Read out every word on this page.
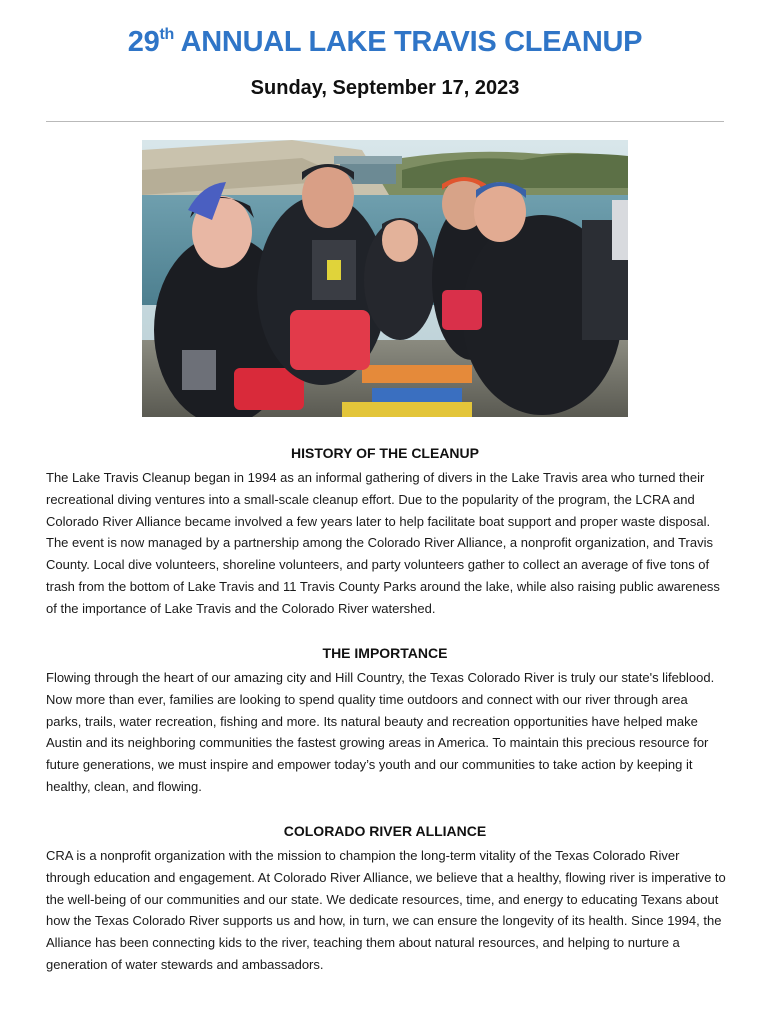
29th ANNUAL LAKE TRAVIS CLEANUP

Sunday, September 17, 2023

HISTORY OF THE CLEANUP

The Lake Travis Cleanup began in 1994 as an informal gathering of divers in the Lake Travis area who turned their recreational diving ventures into a small-scale cleanup effort. Due to the popularity of the program, the LCRA and Colorado River Alliance became involved a few years later to help facilitate boat support and proper waste disposal. The event is now managed by a partnership among the Colorado River Alliance, a nonprofit organization, and Travis County. Local dive volunteers, shoreline volunteers, and party volunteers gather to collect an average of five tons of trash from the bottom of Lake Travis and 11 Travis County Parks around the lake, while also raising public awareness of the importance of Lake Travis and the Colorado River watershed.

THE IMPORTANCE

Flowing through the heart of our amazing city and Hill Country, the Texas Colorado River is truly our state's lifeblood. Now more than ever, families are looking to spend quality time outdoors and connect with our river through area parks, trails, water recreation, fishing and more. Its natural beauty and recreation opportunities have helped make Austin and its neighboring communities the fastest growing areas in America. To maintain this precious resource for future generations, we must inspire and empower today’s youth and our communities to take action by keeping it healthy, clean, and flowing.

COLORADO RIVER ALLIANCE

CRA is a nonprofit organization with the mission to champion the long-term vitality of the Texas Colorado River through education and engagement. At Colorado River Alliance, we believe that a healthy, flowing river is imperative to the well-being of our communities and our state. We dedicate resources, time, and energy to educating Texans about how the Texas Colorado River supports us and how, in turn, we can ensure the longevity of its health. Since 1994, the Alliance has been connecting kids to the river, teaching them about natural resources, and helping to nurture a generation of water stewards and ambassadors.
